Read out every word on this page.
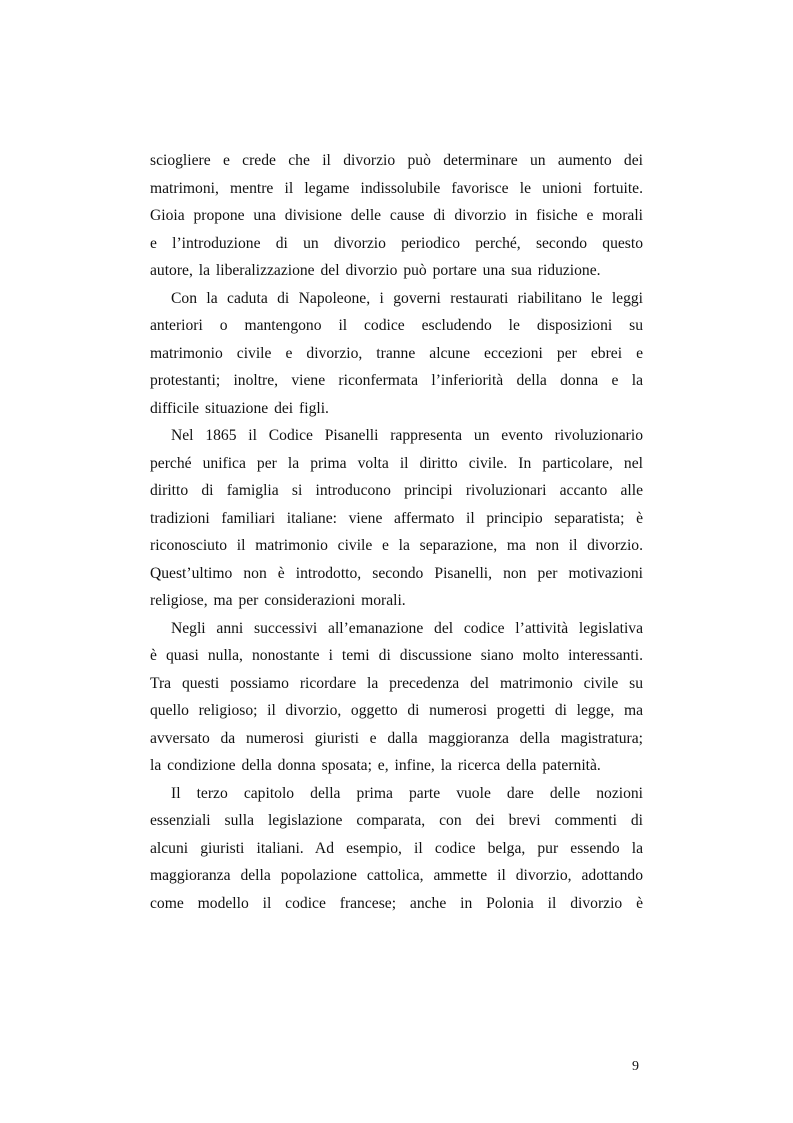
sciogliere e crede che il divorzio può determinare un aumento dei
matrimoni, mentre il legame indissolubile favorisce le unioni fortuite.
Gioia propone una divisione delle cause di divorzio in fisiche e morali
e l’introduzione di un divorzio periodico perché, secondo questo
autore, la liberalizzazione del divorzio può portare una sua riduzione.
Con la caduta di Napoleone, i governi restaurati riabilitano le leggi
anteriori o mantengono il codice escludendo le disposizioni su
matrimonio civile e divorzio, tranne alcune eccezioni per ebrei e
protestanti; inoltre, viene riconfermata l’inferiorità della donna e la
difficile situazione dei figli.
Nel 1865 il Codice Pisanelli rappresenta un evento rivoluzionario
perché unifica per la prima volta il diritto civile. In particolare, nel
diritto di famiglia si introducono principi rivoluzionari accanto alle
tradizioni familiari italiane: viene affermato il principio separatista; è
riconosciuto il matrimonio civile e la separazione, ma non il divorzio.
Quest’ultimo non è introdotto, secondo Pisanelli, non per motivazioni
religiose, ma per considerazioni morali.
Negli anni successivi all’emanazione del codice l’attività legislativa
è quasi nulla, nonostante i temi di discussione siano molto interessanti.
Tra questi possiamo ricordare la precedenza del matrimonio civile su
quello religioso; il divorzio, oggetto di numerosi progetti di legge, ma
avversato da numerosi giuristi e dalla maggioranza della magistratura;
la condizione della donna sposata; e, infine, la ricerca della paternità.
Il terzo capitolo della prima parte vuole dare delle nozioni
essenziali sulla legislazione comparata, con dei brevi commenti di
alcuni giuristi italiani. Ad esempio, il codice belga, pur essendo la
maggioranza della popolazione cattolica, ammette il divorzio, adottando
come modello il codice francese; anche in Polonia il divorzio è
9
